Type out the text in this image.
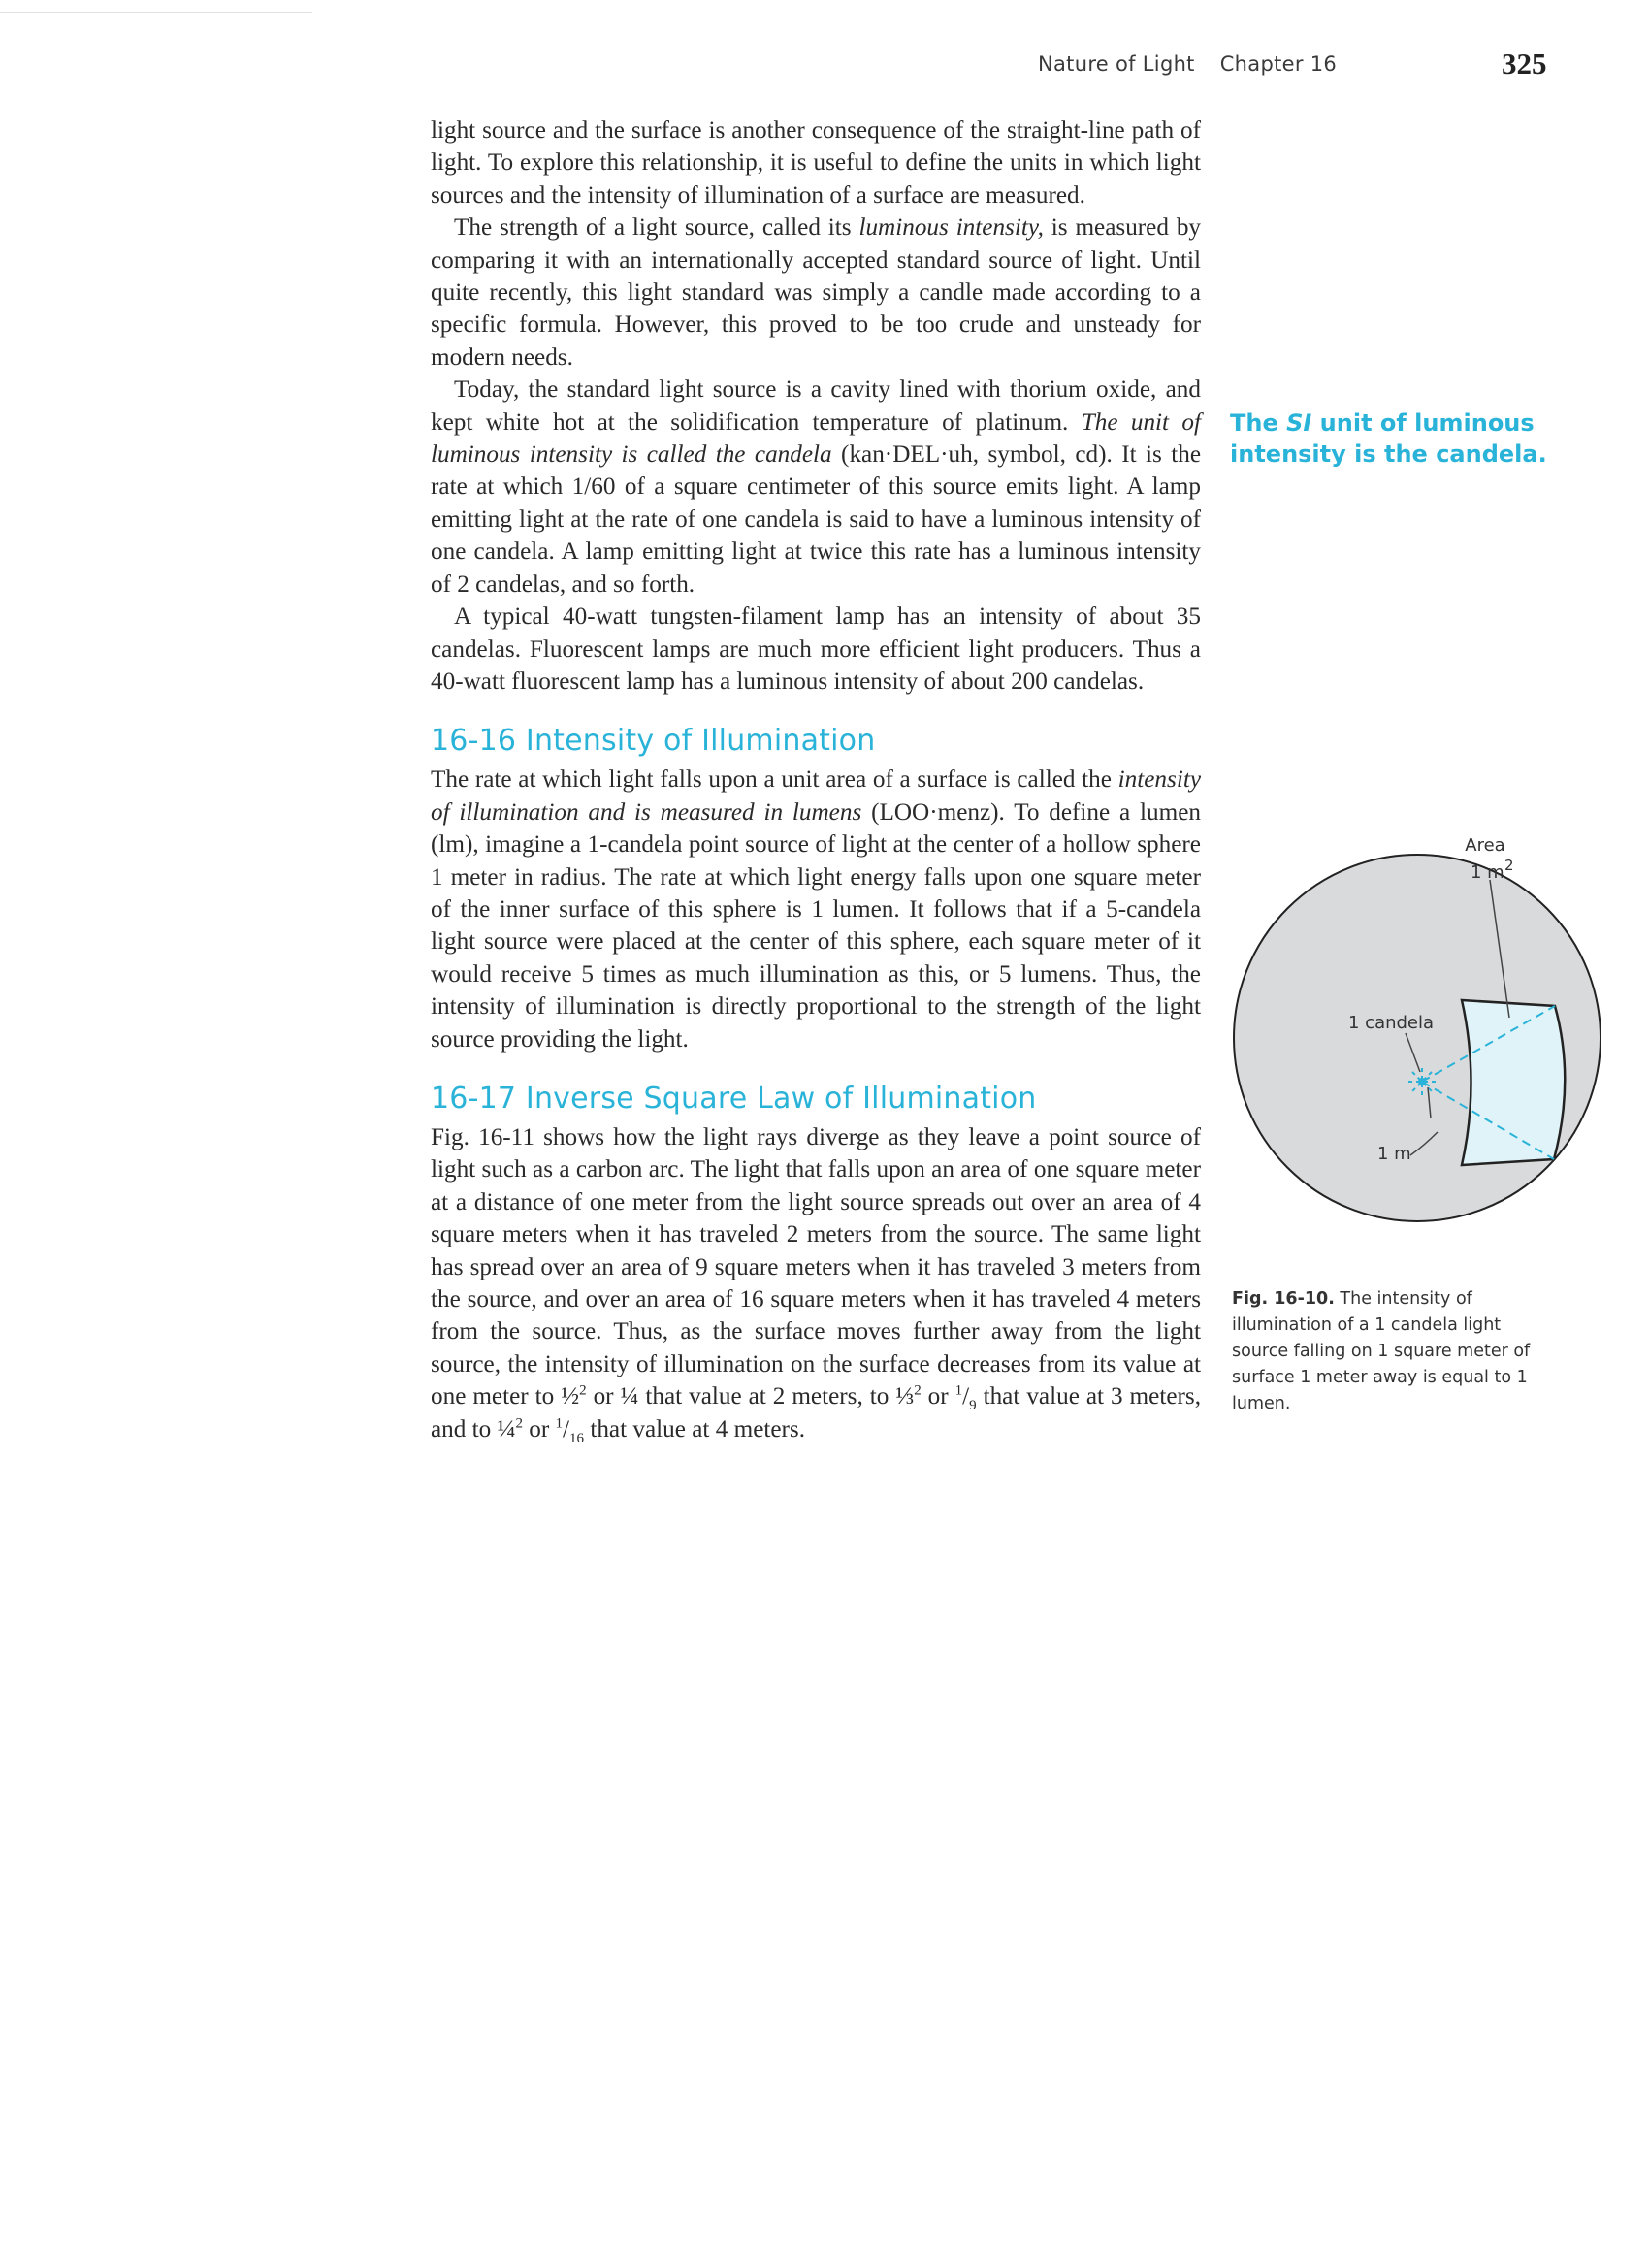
Nature of Light Chapter 16	325

light source and the surface is another consequence of the straight-line path of light. To explore this relationship, it is useful to define the units in which light sources and the intensity of illumination of a surface are measured.

The strength of a light source, called its luminous intensity, is measured by comparing it with an internationally accepted standard source of light. Until quite recently, this light standard was simply a candle made according to a specific formula. However, this proved to be too crude and unsteady for modern needs.

Today, the standard light source is a cavity lined with thorium oxide, and kept white hot at the solidification temperature of platinum. The unit of luminous intensity is called the candela (kan·DEL·uh, symbol, cd). It is the rate at which 1/60 of a square centimeter of this source emits light. A lamp emitting light at the rate of one candela is said to have a luminous intensity of one candela. A lamp emitting light at twice this rate has a luminous intensity of 2 candelas, and so forth.

A typical 40-watt tungsten-filament lamp has an intensity of about 35 candelas. Fluorescent lamps are much more efficient light producers. Thus a 40-watt fluorescent lamp has a luminous intensity of about 200 candelas.

16-16 Intensity of Illumination

The rate at which light falls upon a unit area of a surface is called the intensity of illumination and is measured in lumens (LOO·menz). To define a lumen (lm), imagine a 1-candela point source of light at the center of a hollow sphere 1 meter in radius. The rate at which light energy falls upon one square meter of the inner surface of this sphere is 1 lumen. It follows that if a 5-candela light source were placed at the center of this sphere, each square meter of it would receive 5 times as much illumination as this, or 5 lumens. Thus, the intensity of illumination is directly proportional to the strength of the light source providing the light.

16-17 Inverse Square Law of Illumination

Fig. 16-11 shows how the light rays diverge as they leave a point source of light such as a carbon arc. The light that falls upon an area of one square meter at a distance of one meter from the light source spreads out over an area of 4 square meters when it has traveled 2 meters from the source. The same light has spread over an area of 9 square meters when it has traveled 3 meters from the source, and over an area of 16 square meters when it has traveled 4 meters from the source. Thus, as the surface moves further away from the light source, the intensity of illumination on the surface decreases from its value at one meter to ½$^2$ or ¼ that value at 2 meters, to ⅓$^2$ or $^1/_9$ that value at 3 meters, and to ¼$^2$ or $^1/_{16}$ that value at 4 meters.

The SI unit of luminous intensity is the candela.
Area
1 m 2
1 candela
1 m
Fig. 16-10. The intensity of illumination of a 1 candela light source falling on 1 square meter of surface 1 meter away is equal to 1 lumen.
